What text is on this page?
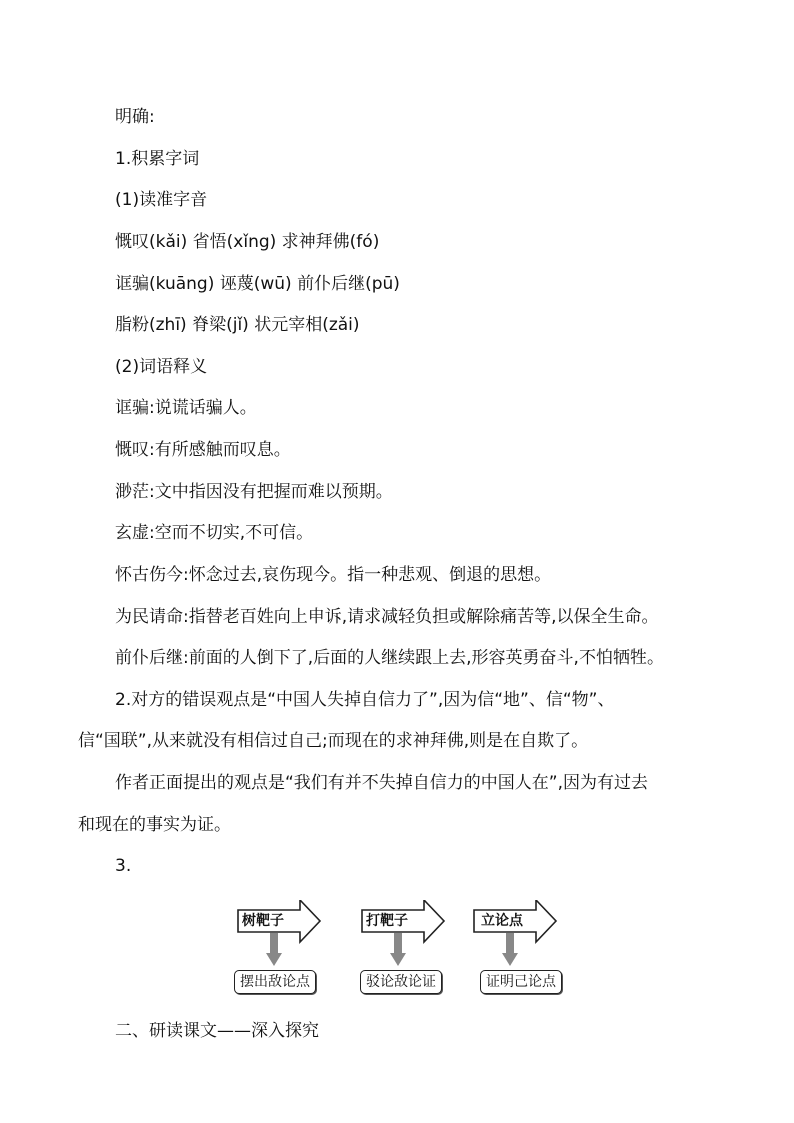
明确:
1.积累字词
(1)读准字音
慨叹(kǎi) 省悟(xǐng) 求神拜佛(fó)
诓骗(kuāng) 诬蔑(wū) 前仆后继(pū)
脂粉(zhī) 脊梁(jǐ) 状元宰相(zǎi)
(2)词语释义
诓骗:说谎话骗人。
慨叹:有所感触而叹息。
渺茫:文中指因没有把握而难以预期。
玄虚:空而不切实,不可信。
怀古伤今:怀念过去,哀伤现今。指一种悲观、倒退的思想。
为民请命:指替老百姓向上申诉,请求减轻负担或解除痛苦等,以保全生命。
前仆后继:前面的人倒下了,后面的人继续跟上去,形容英勇奋斗,不怕牺牲。
2.对方的错误观点是“中国人失掉自信力了”,因为信“地”、信“物”、
信“国联”,从来就没有相信过自己;而现在的求神拜佛,则是在自欺了。
作者正面提出的观点是“我们有并不失掉自信力的中国人在”,因为有过去
和现在的事实为证。
3.
树靶子	打靶子	立论点
摆出敌论点	驳论敌论证	证明己论点
二、研读课文——深入探究
